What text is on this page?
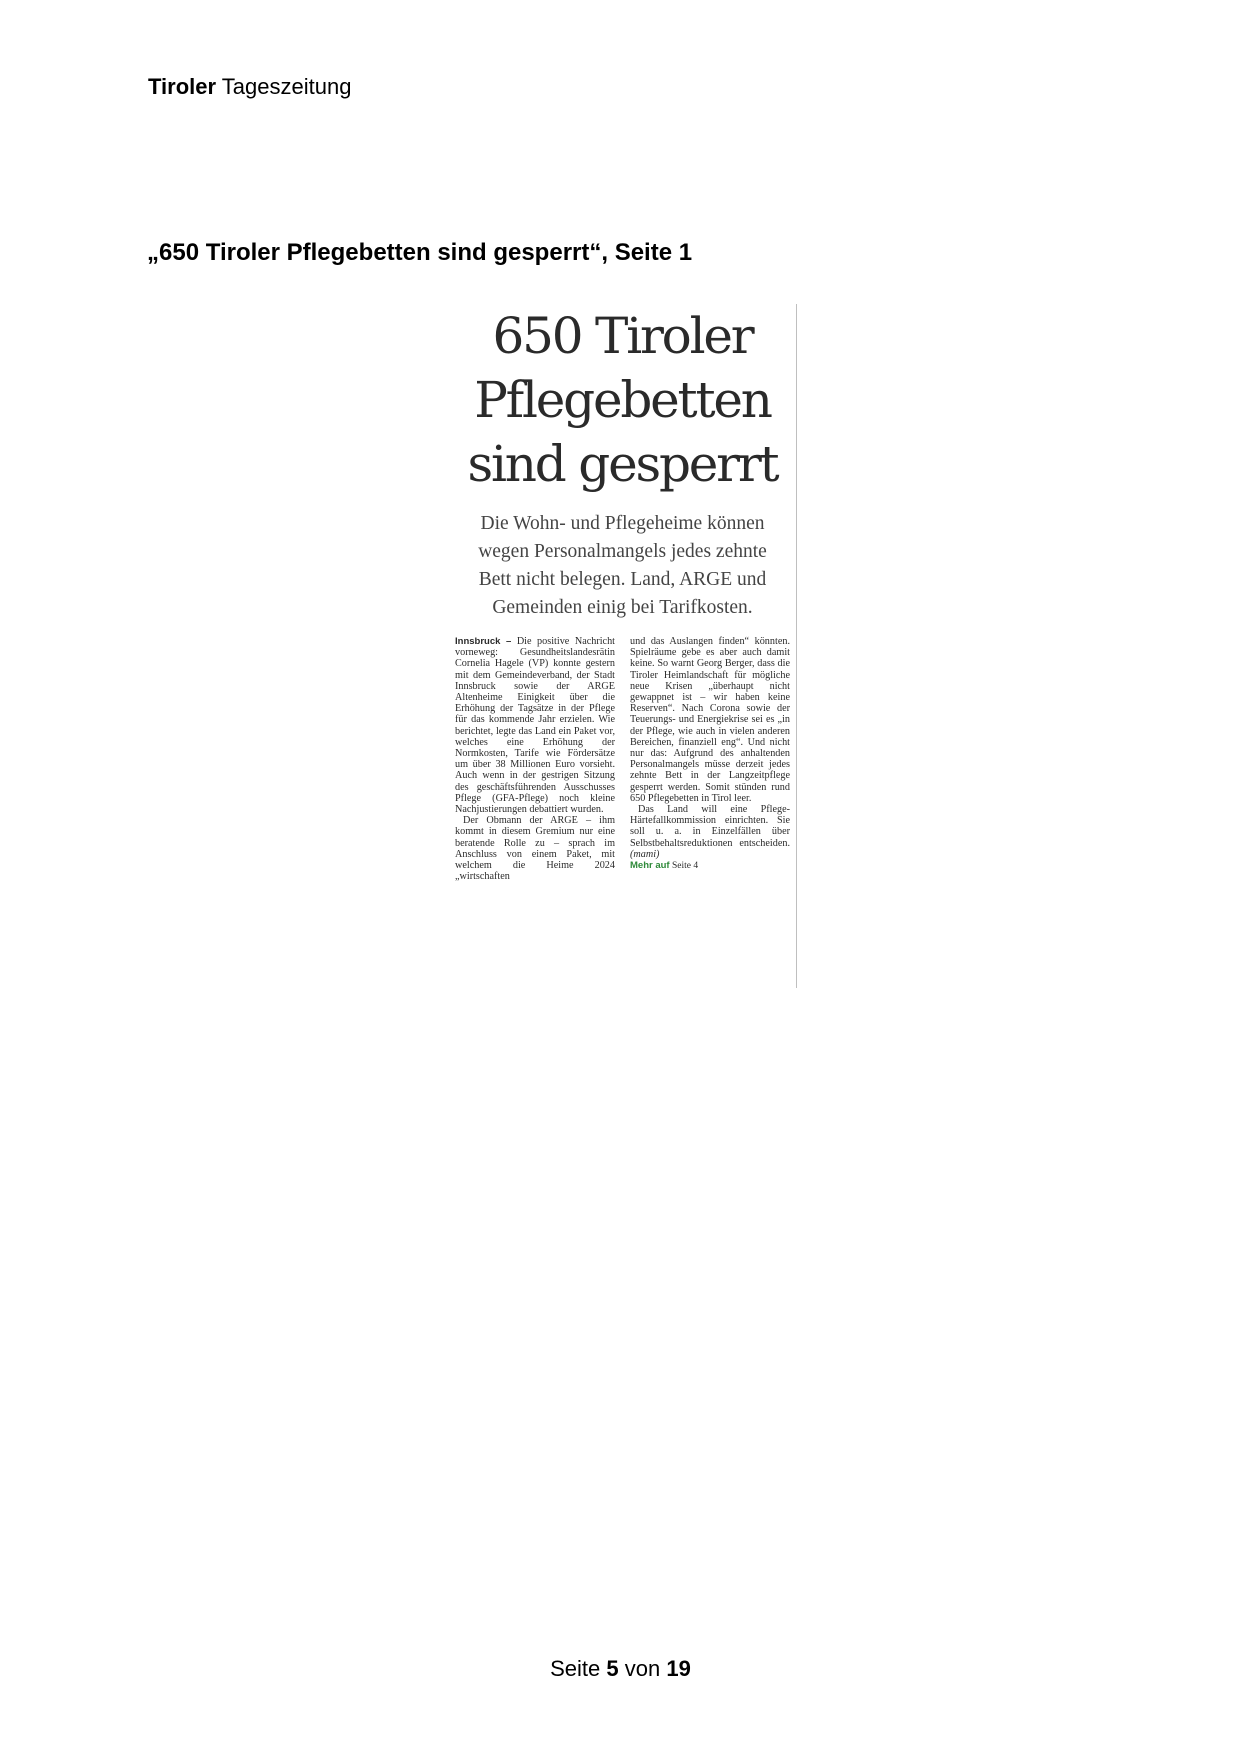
Tiroler Tageszeitung
„650 Tiroler Pflegebetten sind gesperrt“, Seite 1
650 Tiroler
Pflegebetten
sind gesperrt

Die Wohn- und Pflegeheime können
wegen Personalmangels jedes zehnte
Bett nicht belegen. Land, ARGE und
Gemeinden einig bei Tarifkosten.

Innsbruck – Die positive Nachricht vorneweg: Gesundheitslandesrätin Cornelia Hagele (VP) konnte gestern mit dem Gemeindeverband, der Stadt Innsbruck sowie der ARGE Altenheime Einigkeit über die Erhöhung der Tagsätze in der Pflege für das kommende Jahr erzielen. Wie berichtet, legte das Land ein Paket vor, welches eine Erhöhung der Normkosten, Tarife wie Fördersätze um über 38 Millionen Euro vorsieht. Auch wenn in der gestrigen Sitzung des geschäftsführenden Ausschusses Pflege (GFA-Pflege) noch kleine Nachjustierungen debattiert wurden.

Der Obmann der ARGE – ihm kommt in diesem Gremium nur eine beratende Rolle zu – sprach im Anschluss von einem Paket, mit welchem die Heime 2024 „wirtschaften

und das Auslangen finden“ könnten. Spielräume gebe es aber auch damit keine. So warnt Georg Berger, dass die Tiroler Heimlandschaft für mögliche neue Krisen „überhaupt nicht gewappnet ist – wir haben keine Reserven“. Nach Corona sowie der Teuerungs- und Energiekrise sei es „in der Pflege, wie auch in vielen anderen Bereichen, finanziell eng“. Und nicht nur das: Aufgrund des anhaltenden Personalmangels müsse derzeit jedes zehnte Bett in der Langzeitpflege gesperrt werden. Somit stünden rund 650 Pflegebetten in Tirol leer.

Das Land will eine Pflege-Härtefallkommission einrichten. Sie soll u. a. in Einzelfällen über Selbstbehaltsreduktionen entscheiden. (mami)

Mehr auf Seite 4

Seite 5 von 19
